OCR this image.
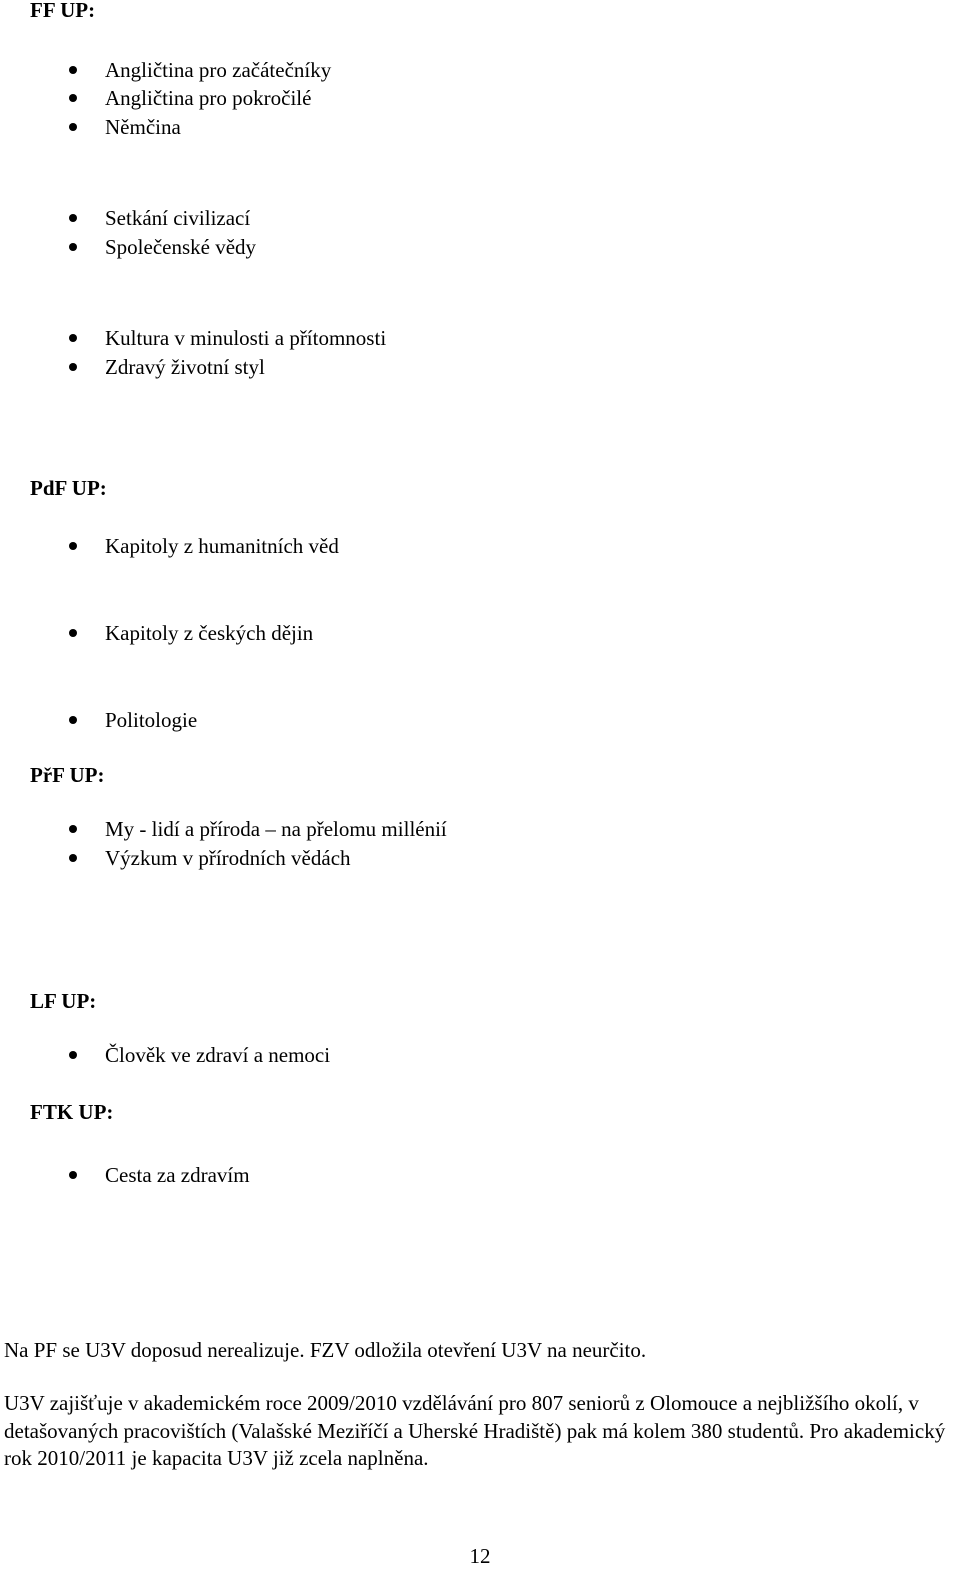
FF UP:
Angličtina pro začátečníky
Angličtina pro pokročilé
Němčina
Setkání civilizací
Společenské vědy
Kultura v minulosti a přítomnosti
Zdravý životní styl
PdF UP:
Kapitoly z humanitních věd
Kapitoly z českých dějin
Politologie
PřF UP:
My - lidí a příroda – na přelomu millénií
Výzkum v přírodních vědách
LF UP:
Člověk ve zdraví a nemoci
FTK UP:
Cesta za zdravím

Na PF se U3V doposud nerealizuje. FZV odložila otevření U3V na neurčito.

U3V zajišťuje v akademickém roce 2009/2010 vzdělávání pro 807 seniorů z Olomouce a nejbližšího okolí, v detašovaných pracovištích (Valašské Meziříčí a Uherské Hradiště) pak má kolem 380 studentů. Pro akademický rok 2010/2011 je kapacita U3V již zcela naplněna.

12
